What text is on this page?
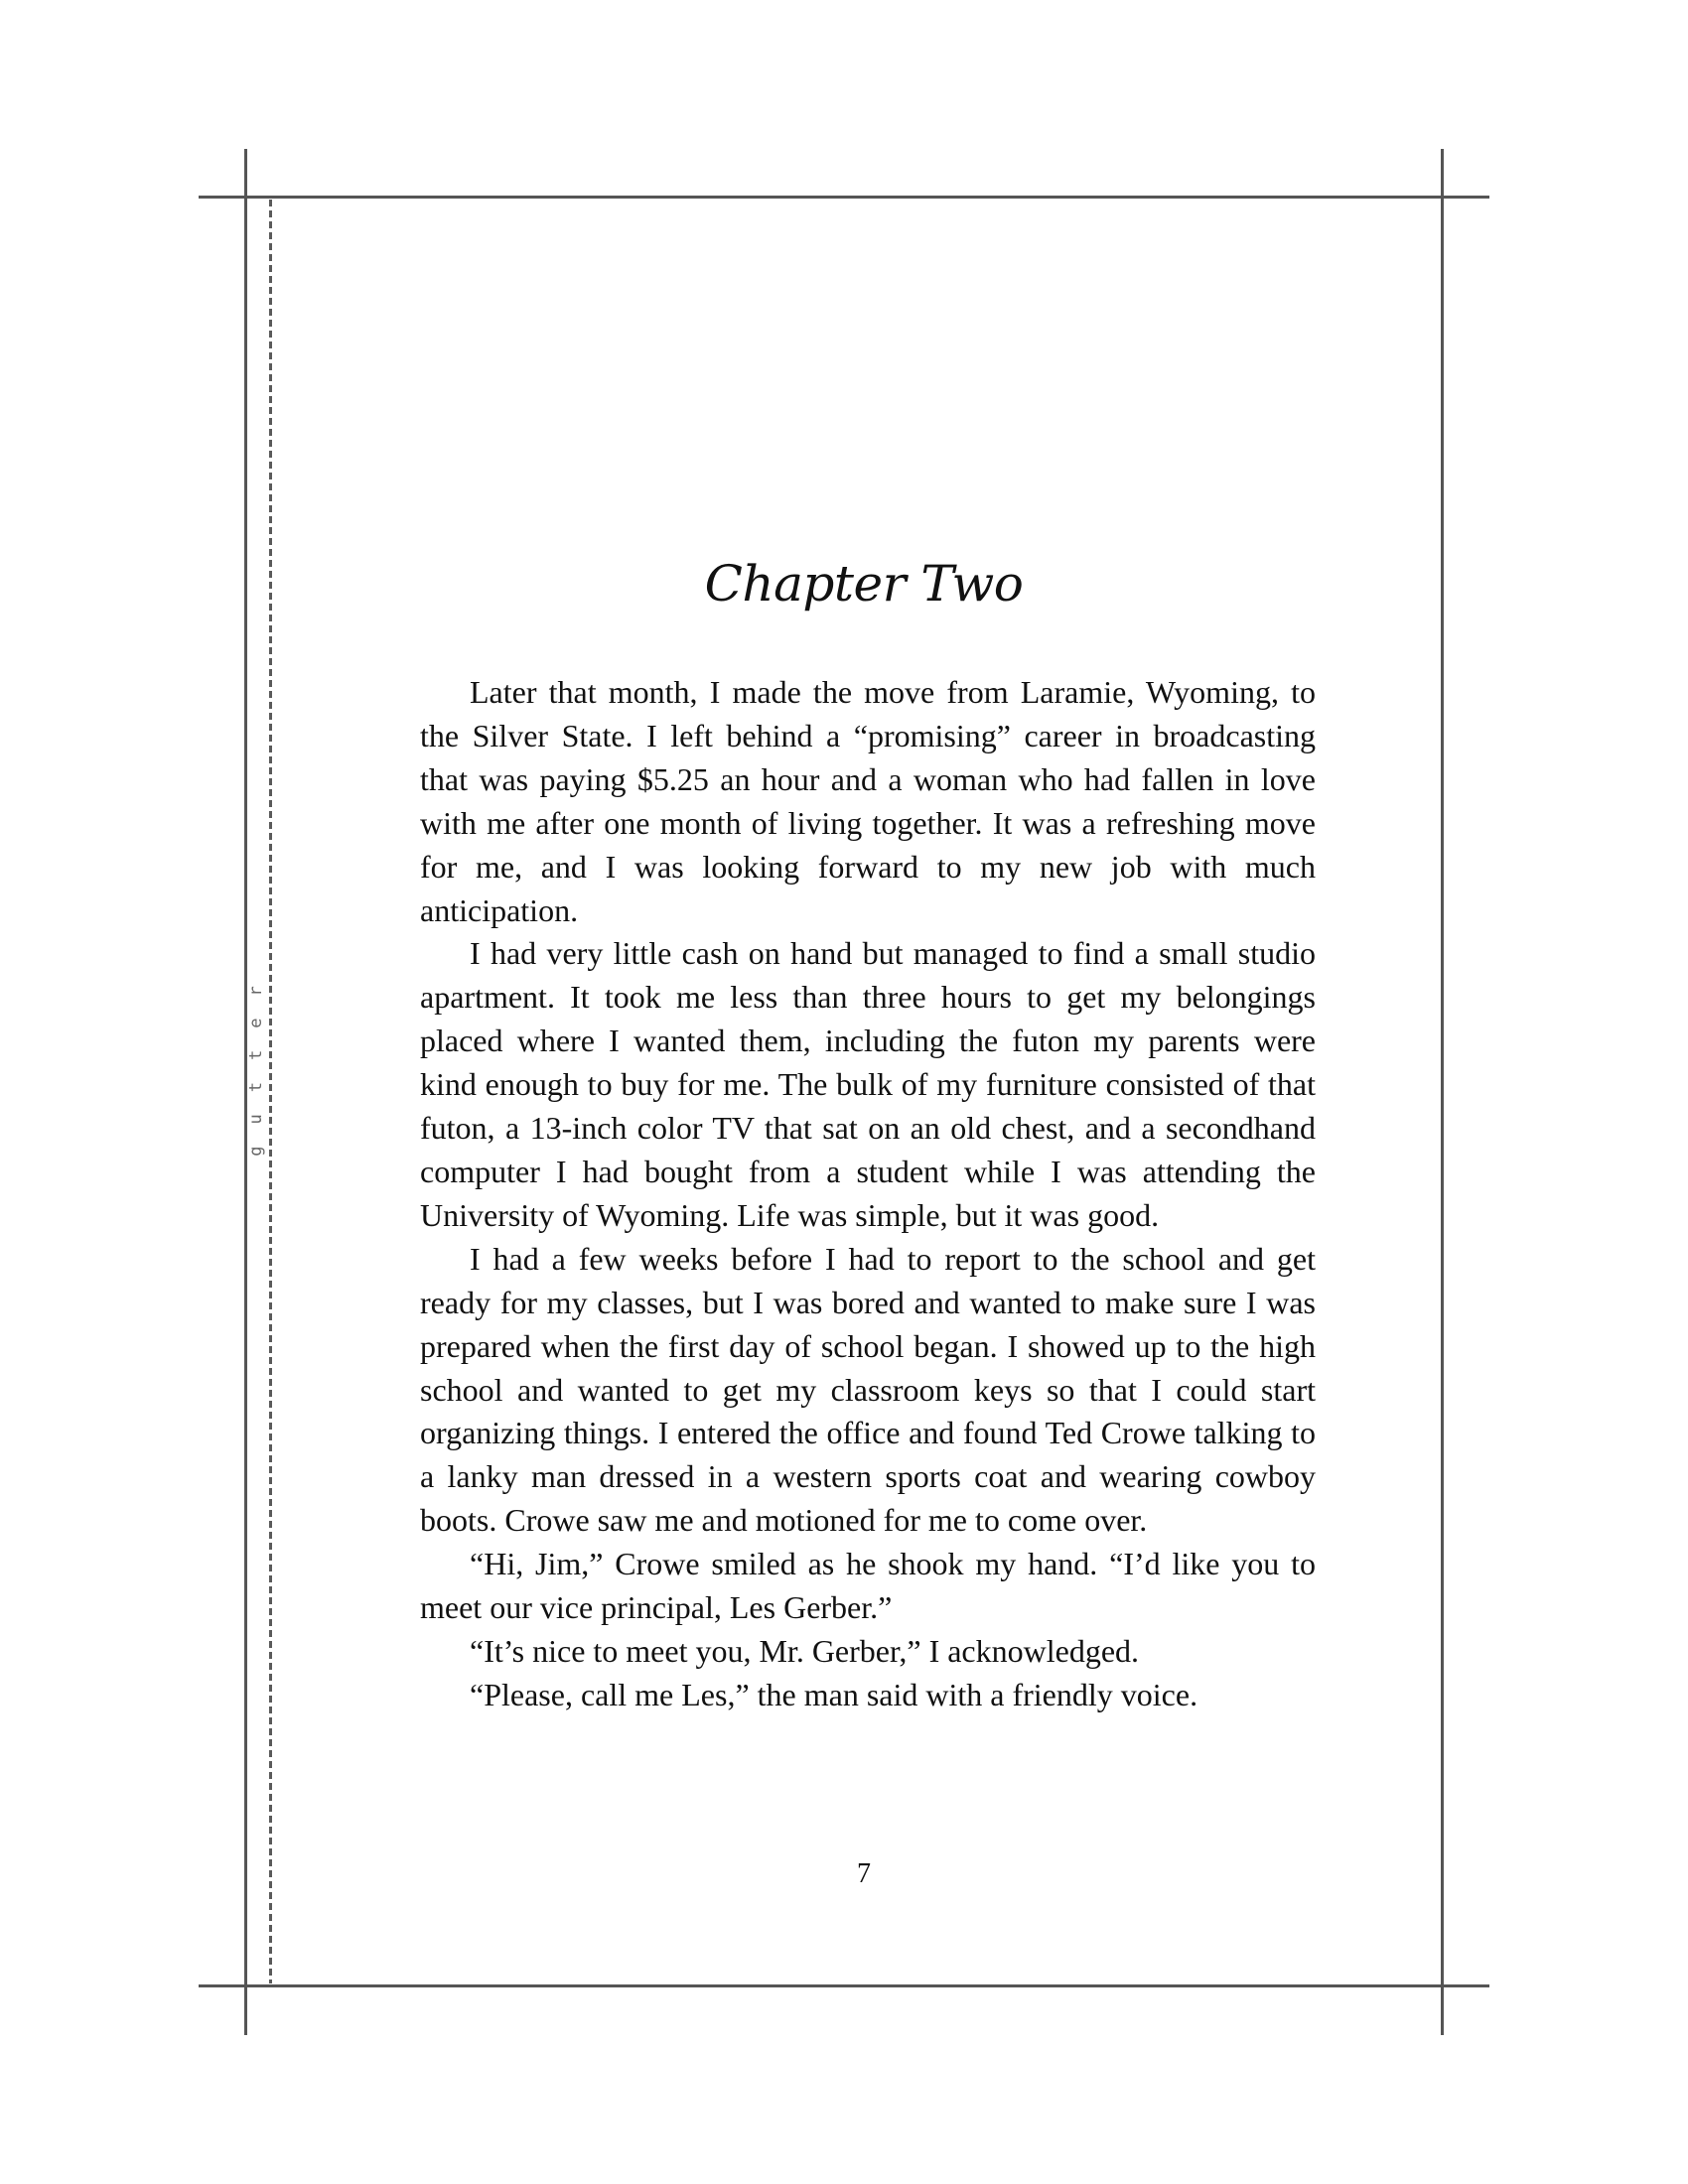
gutter
Chapter Two

Later that month, I made the move from Laramie, Wyoming, to the Silver State. I left behind a “promising” career in broadcasting that was paying $5.25 an hour and a woman who had fallen in love with me after one month of living together. It was a refreshing move for me, and I was looking forward to my new job with much anticipation.

I had very little cash on hand but managed to find a small studio apartment. It took me less than three hours to get my belongings placed where I wanted them, including the futon my parents were kind enough to buy for me. The bulk of my furniture consisted of that futon, a 13-inch color TV that sat on an old chest, and a secondhand computer I had bought from a student while I was attending the University of Wyoming. Life was simple, but it was good.

I had a few weeks before I had to report to the school and get ready for my classes, but I was bored and wanted to make sure I was prepared when the first day of school began. I showed up to the high school and wanted to get my classroom keys so that I could start organizing things. I entered the office and found Ted Crowe talking to a lanky man dressed in a western sports coat and wearing cowboy boots. Crowe saw me and motioned for me to come over.

“Hi, Jim,” Crowe smiled as he shook my hand. “I’d like you to meet our vice principal, Les Gerber.”

“It’s nice to meet you, Mr. Gerber,” I acknowledged.

“Please, call me Les,” the man said with a friendly voice.

7
